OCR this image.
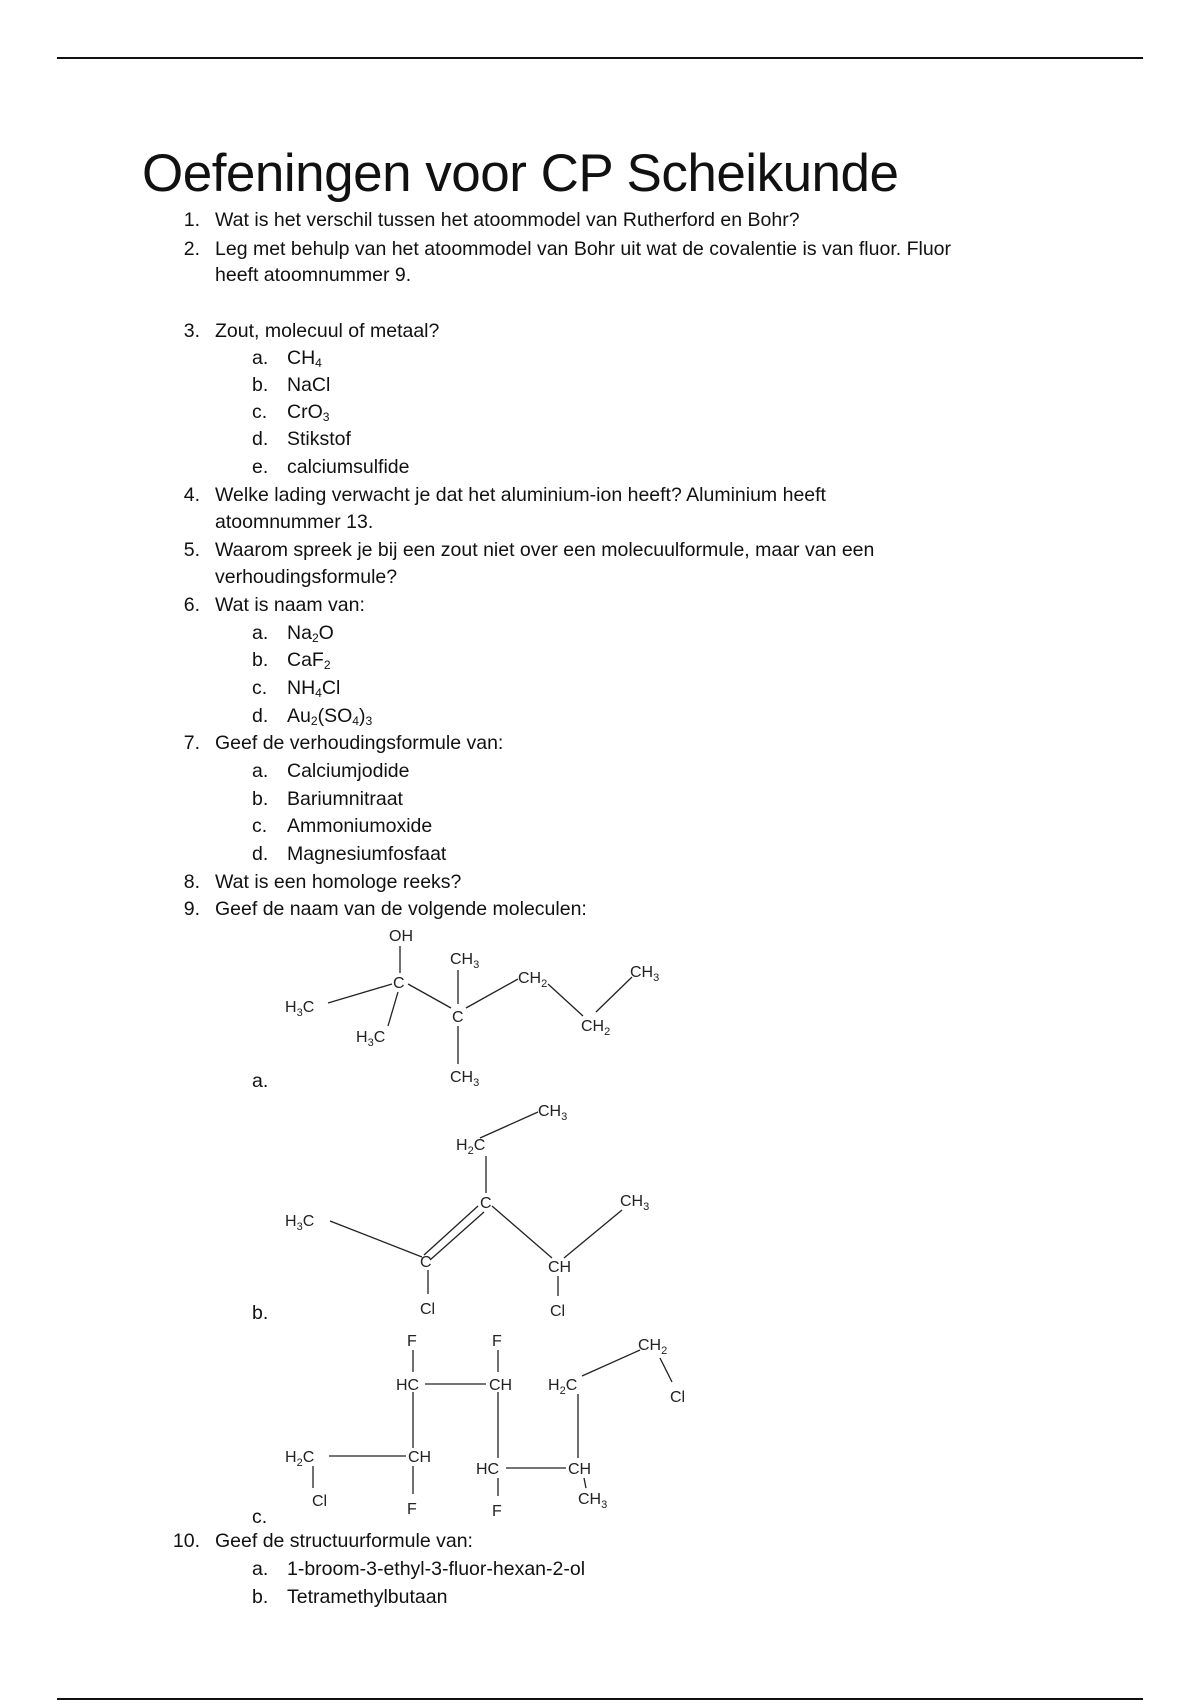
Oefeningen voor CP Scheikunde
1. Wat is het verschil tussen het atoommodel van Rutherford en Bohr?
2. Leg met behulp van het atoommodel van Bohr uit wat de covalentie is van fluor. Fluor
heeft atoomnummer 9.
3. Zout, molecuul of metaal?
a. $CH_4$
b. NaCl
c. CrO$_3$
d. Stikstof
e. calciumsulfide
4. Welke lading verwacht je dat het aluminium-ion heeft? Aluminium heeft
atoomnummer 13.
5. Waarom spreek je bij een zout niet over een molecuulformule, maar van een
verhoudingsformule?
6. Wat is naam van:
a. $Na_2O$
b. CaF$_2$
c. $NH_4Cl$
d. $Au_2(SO_4)_3$
7. Geef de verhoudingsformule van:
a. Calciumjodide
b. Bariumnitraat
c. Ammoniumoxide
d. Magnesiumfosfaat
8. Wat is een homologe reeks?
9. Geef de naam van de volgende moleculen:
a.
b.
c.
OH
C
$H_3C$
$H_3C$
$CH_3$
C
$CH_3$
$CH_2$
$CH_2$
$CH_3$
$CH_3$
$H_2C$
C
$H_3C$
C
Cl
CH
Cl
$CH_3$
F
HC
F
CH $H_2C$
$CH_2$
Cl
$H_2C$	CH
Cl	F
HC	CH
F
$CH_3$
10. Geef de structuurformule van:
a. 1-broom-3-ethyl-3-fluor-hexan-2-ol
b. Tetramethylbutaan
